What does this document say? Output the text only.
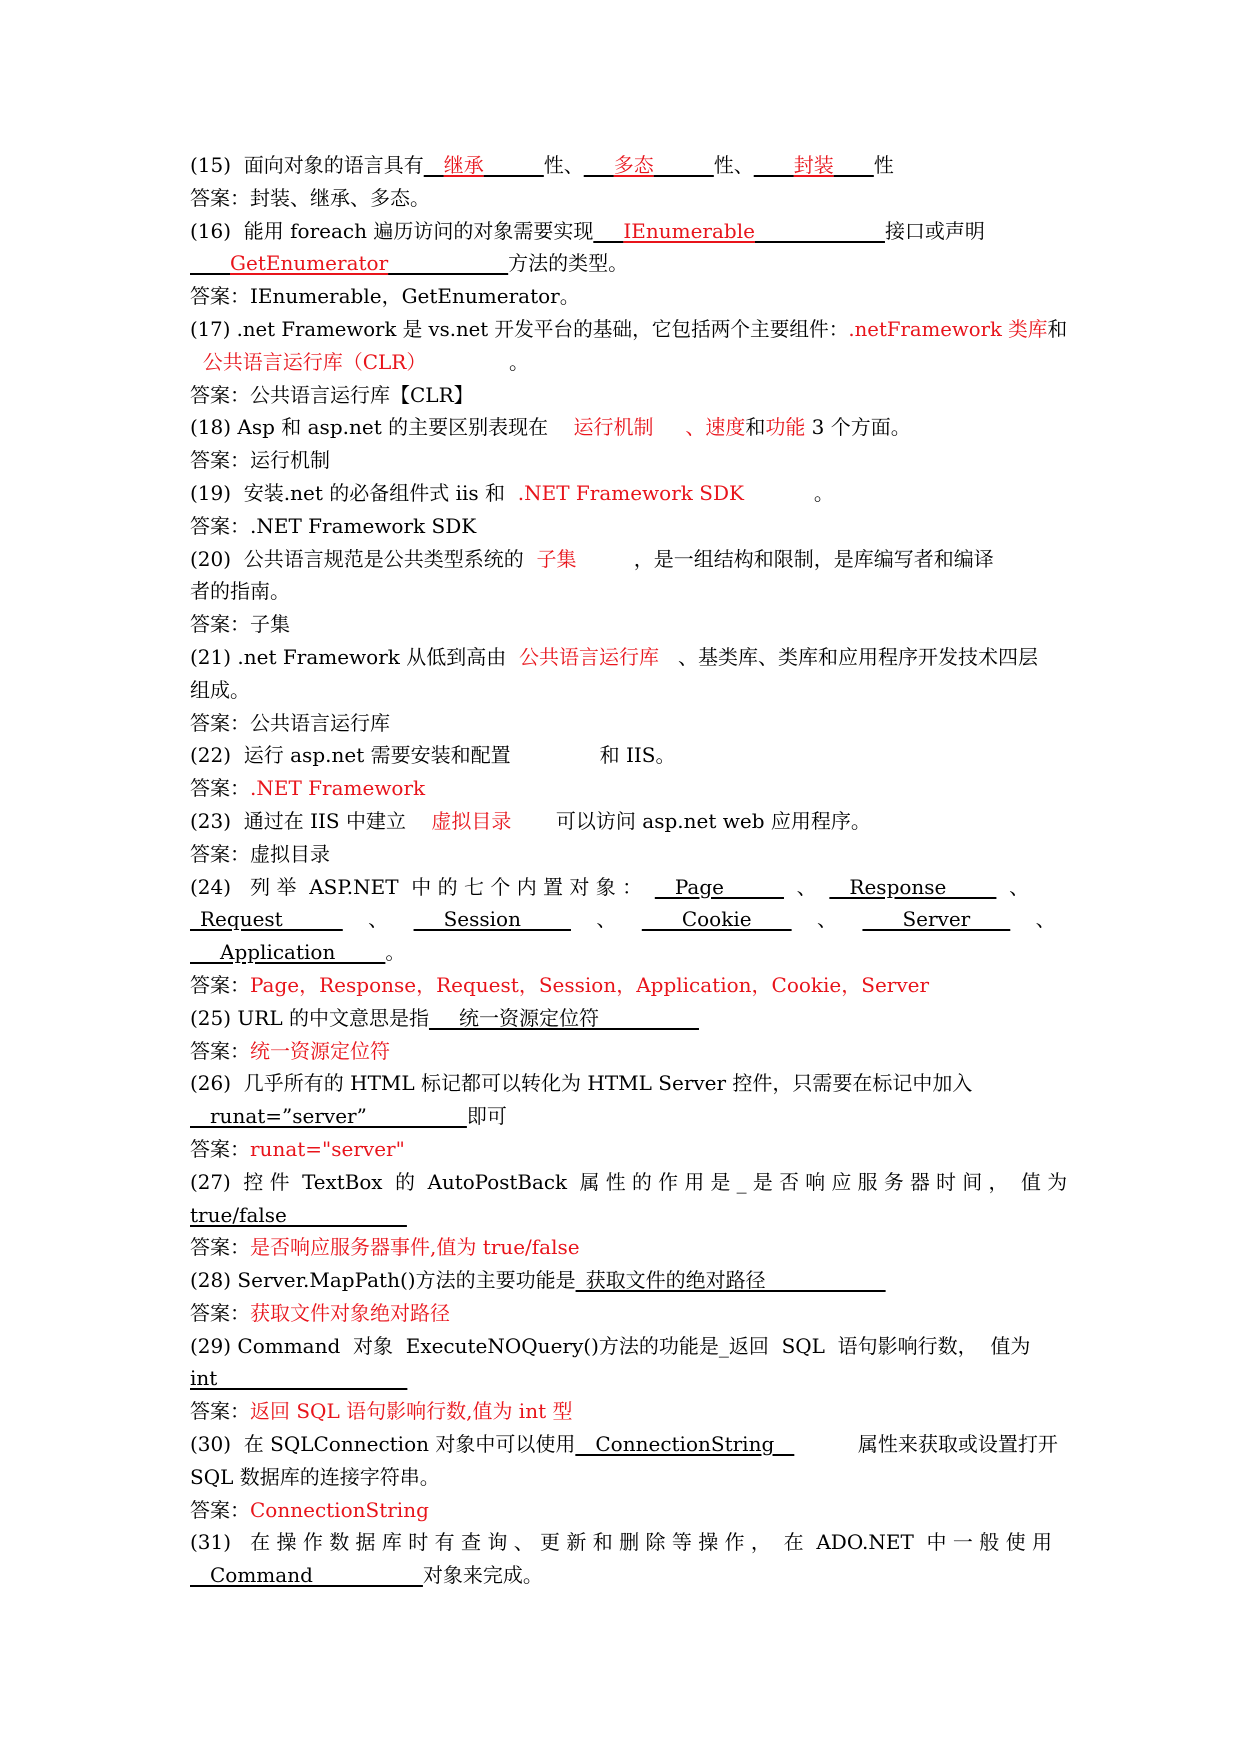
(15)  面向对象的语言具有__继承______性、___多态______性、____封装____性
答案：封装、继承、多态。
(16)  能用 foreach 遍历访问的对象需要实现___IEnumerable_____________接口或声明
____GetEnumerator____________方法的类型。
答案：IEnumerable，GetEnumerator。
(17) .net Framework 是 vs.net 开发平台的基础，它包括两个主要组件：.netFramework 类库和
公共语言运行库（CLR）             。
答案：公共语言运行库【CLR】
(18) Asp 和 asp.net 的主要区别表现在    运行机制     、速度和功能 3 个方面。
答案：运行机制
(19)  安装.net 的必备组件式 iis 和  .NET Framework SDK           。
答案：.NET Framework SDK
(20)  公共语言规范是公共类型系统的  子集         ，是一组结构和限制，是库编写者和编译
者的指南。
答案：子集
(21) .net Framework 从低到高由  公共语言运行库   、基类库、类库和应用程序开发技术四层
组成。
答案：公共语言运行库
(22)  运行 asp.net 需要安装和配置              和 IIS。
答案：.NET Framework
(23)  通过在 IIS 中建立    虚拟目录       可以访问 asp.net web 应用程序。
答案：虚拟目录
(24)   列 举  ASP.NET  中 的 七 个 内 置 对 象 ：  __Page______  、  __Response_____  、
_Request______    、    ___Session_____    、    ____Cookie____    、    ____Server____    、
___Application_____。
答案：Page，Response，Request，Session，Application，Cookie，Server
(25) URL 的中文意思是指___统一资源定位符__________
答案：统一资源定位符
(26)  几乎所有的 HTML 标记都可以转化为 HTML Server 控件，只需要在标记中加入
__runat=”server”__________即可
答案：runat="server"
(27)  控 件  TextBox  的  AutoPostBack  属 性 的 作 用 是 _ 是 否 响 应 服 务 器 时 间 ，  值 为
true/false____________
答案：是否响应服务器事件,值为 true/false
(28) Server.MapPath()方法的主要功能是_获取文件的绝对路径____________
答案：获取文件对象绝对路径
(29) Command  对象  ExecuteNOQuery()方法的功能是_返回  SQL  语句影响行数，  值为
int___________________
答案：返回 SQL 语句影响行数,值为 int 型
(30)  在 SQLConnection 对象中可以使用__ConnectionString__          属性来获取或设置打开
SQL 数据库的连接字符串。
答案：ConnectionString
(31)   在 操 作 数 据 库 时 有 查 询 、 更 新 和 删 除 等 操 作 ，  在  ADO.NET  中 一 般 使 用
__Command___________对象来完成。
